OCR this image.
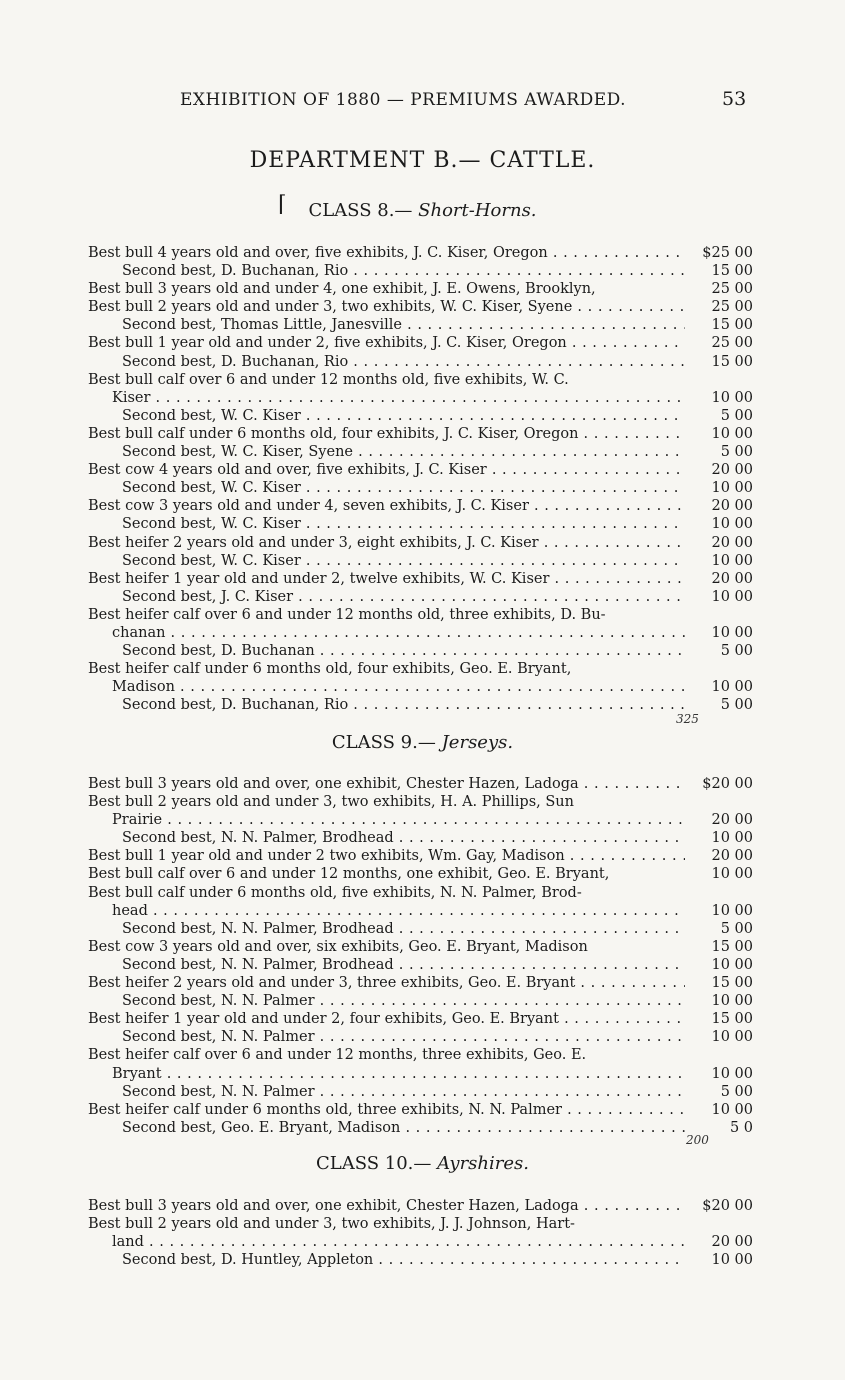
EXHIBITION OF 1880 — PREMIUMS AWARDED.	53
DEPARTMENT B.— CATTLE.
⌈	CLASS 8.— Short-Horns.
Best bull 4 years old and over, five exhibits, J. C. Kiser, Oregon . . .	$25 00
Second best, D. Buchanan, Rio . . .	15 00
Best bull 3 years old and under 4, one exhibit, J. E. Owens, Brooklyn,	25 00
Best bull 2 years old and under 3, two exhibits, W. C. Kiser, Syene . . .	25 00
Second best, Thomas Little, Janesville . . .	15 00
Best bull 1 year old and under 2, five exhibits, J. C. Kiser, Oregon . . .	25 00
Second best, D. Buchanan, Rio . . .	15 00
Best bull calf over 6 and under 12 months old, five exhibits, W. C.
Kiser . . .	10 00
Second best, W. C. Kiser . . .	5 00
Best bull calf under 6 months old, four exhibits, J. C. Kiser, Oregon . . .	10 00
Second best, W. C. Kiser, Syene . . .	5 00
Best cow 4 years old and over, five exhibits, J. C. Kiser . . .	20 00
Second best, W. C. Kiser . . .	10 00
Best cow 3 years old and under 4, seven exhibits, J. C. Kiser . . .	20 00
Second best, W. C. Kiser . . .	10 00
Best heifer 2 years old and under 3, eight exhibits, J. C. Kiser . . .	20 00
Second best, W. C. Kiser . . .	10 00
Best heifer 1 year old and under 2, twelve exhibits, W. C. Kiser . . .	20 00
Second best, J. C. Kiser . . .	10 00
Best heifer calf over 6 and under 12 months old, three exhibits, D. Bu-
chanan . . .	10 00
Second best, D. Buchanan . . .	5 00
Best heifer calf under 6 months old, four exhibits, Geo. E. Bryant,
Madison . . .	10 00
Second best, D. Buchanan, Rio . . .	5 00
325
CLASS 9.— Jerseys.
Best bull 3 years old and over, one exhibit, Chester Hazen, Ladoga . . .	$20 00
Best bull 2 years old and under 3, two exhibits, H. A. Phillips, Sun
Prairie . . .	20 00
Second best, N. N. Palmer, Brodhead . . .	10 00
Best bull 1 year old and under 2 two exhibits, Wm. Gay, Madison . . .	20 00
Best bull calf over 6 and under 12 months, one exhibit, Geo. E. Bryant,	10 00
Best bull calf under 6 months old, five exhibits, N. N. Palmer, Brod-
head . . .	10 00
Second best, N. N. Palmer, Brodhead . . .	5 00
Best cow 3 years old and over, six exhibits, Geo. E. Bryant, Madison	15 00
Second best, N. N. Palmer, Brodhead . . .	10 00
Best heifer 2 years old and under 3, three exhibits, Geo. E. Bryant . . .	15 00
Second best, N. N. Palmer . . .	10 00
Best heifer 1 year old and under 2, four exhibits, Geo. E. Bryant . . .	15 00
Second best, N. N. Palmer . . .	10 00
Best heifer calf over 6 and under 12 months, three exhibits, Geo. E.
Bryant . . .	10 00
Second best, N. N. Palmer . . .	5 00
Best heifer calf under 6 months old, three exhibits, N. N. Palmer . . .	10 00
Second best, Geo. E. Bryant, Madison . . .	5 0
200
CLASS 10.— Ayrshires.
Best bull 3 years old and over, one exhibit, Chester Hazen, Ladoga . . .	$20 00
Best bull 2 years old and under 3, two exhibits, J. J. Johnson, Hart-
land . . .	20 00
Second best, D. Huntley, Appleton . . .	10 00
